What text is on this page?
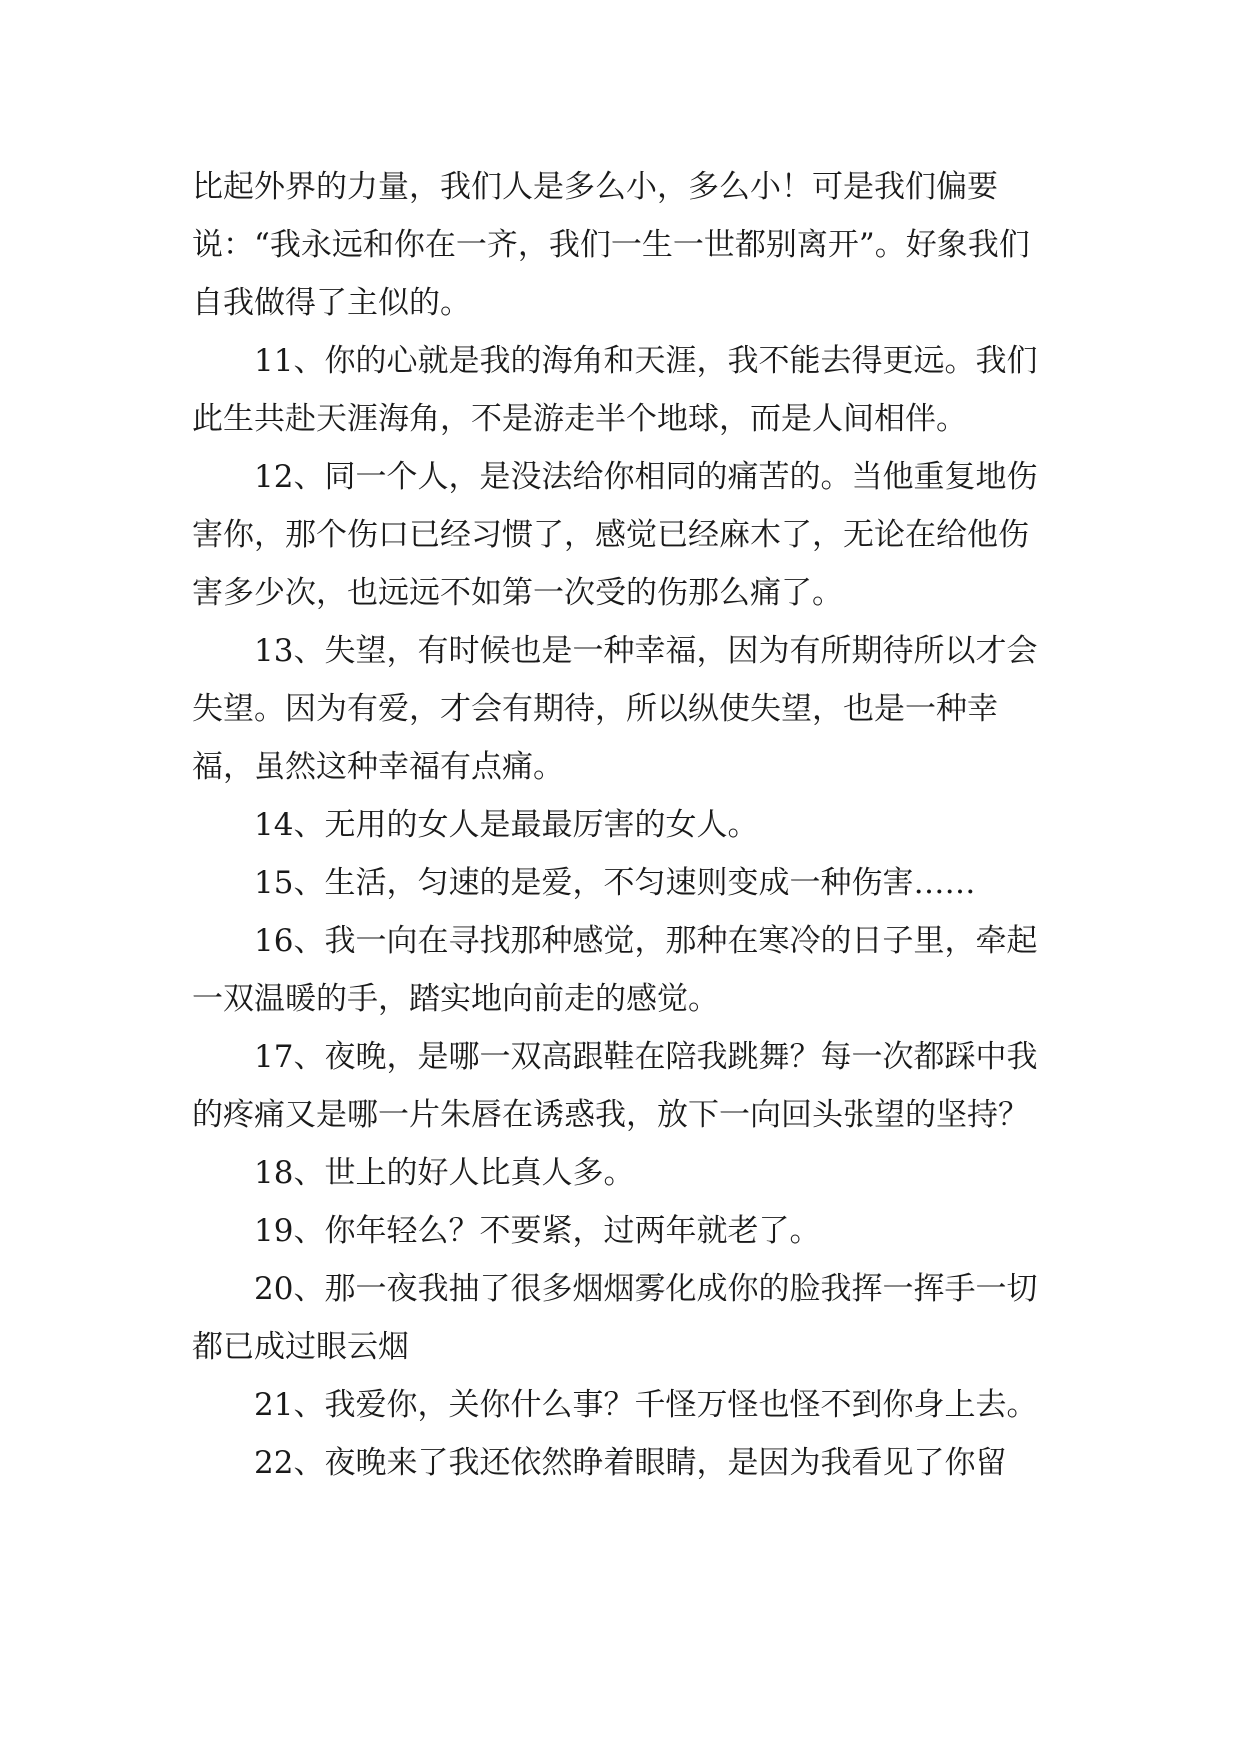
比起外界的力量，我们人是多么小，多么小！可是我们偏要说：“我永远和你在一齐，我们一生一世都别离开”。好象我们自我做得了主似的。

11、你的心就是我的海角和天涯，我不能去得更远。我们此生共赴天涯海角，不是游走半个地球，而是人间相伴。

12、同一个人，是没法给你相同的痛苦的。当他重复地伤害你，那个伤口已经习惯了，感觉已经麻木了，无论在给他伤害多少次，也远远不如第一次受的伤那么痛了。

13、失望，有时候也是一种幸福，因为有所期待所以才会失望。因为有爱，才会有期待，所以纵使失望，也是一种幸福，虽然这种幸福有点痛。

14、无用的女人是最最厉害的女人。

15、生活，匀速的是爱，不匀速则变成一种伤害……

16、我一向在寻找那种感觉，那种在寒冷的日子里，牵起一双温暖的手，踏实地向前走的感觉。

17、夜晚，是哪一双高跟鞋在陪我跳舞？每一次都踩中我的疼痛又是哪一片朱唇在诱惑我，放下一向回头张望的坚持？

18、世上的好人比真人多。

19、你年轻么？不要紧，过两年就老了。

20、那一夜我抽了很多烟烟雾化成你的脸我挥一挥手一切都已成过眼云烟

21、我爱你，关你什么事？千怪万怪也怪不到你身上去。

22、夜晚来了我还依然睁着眼睛，是因为我看见了你留
